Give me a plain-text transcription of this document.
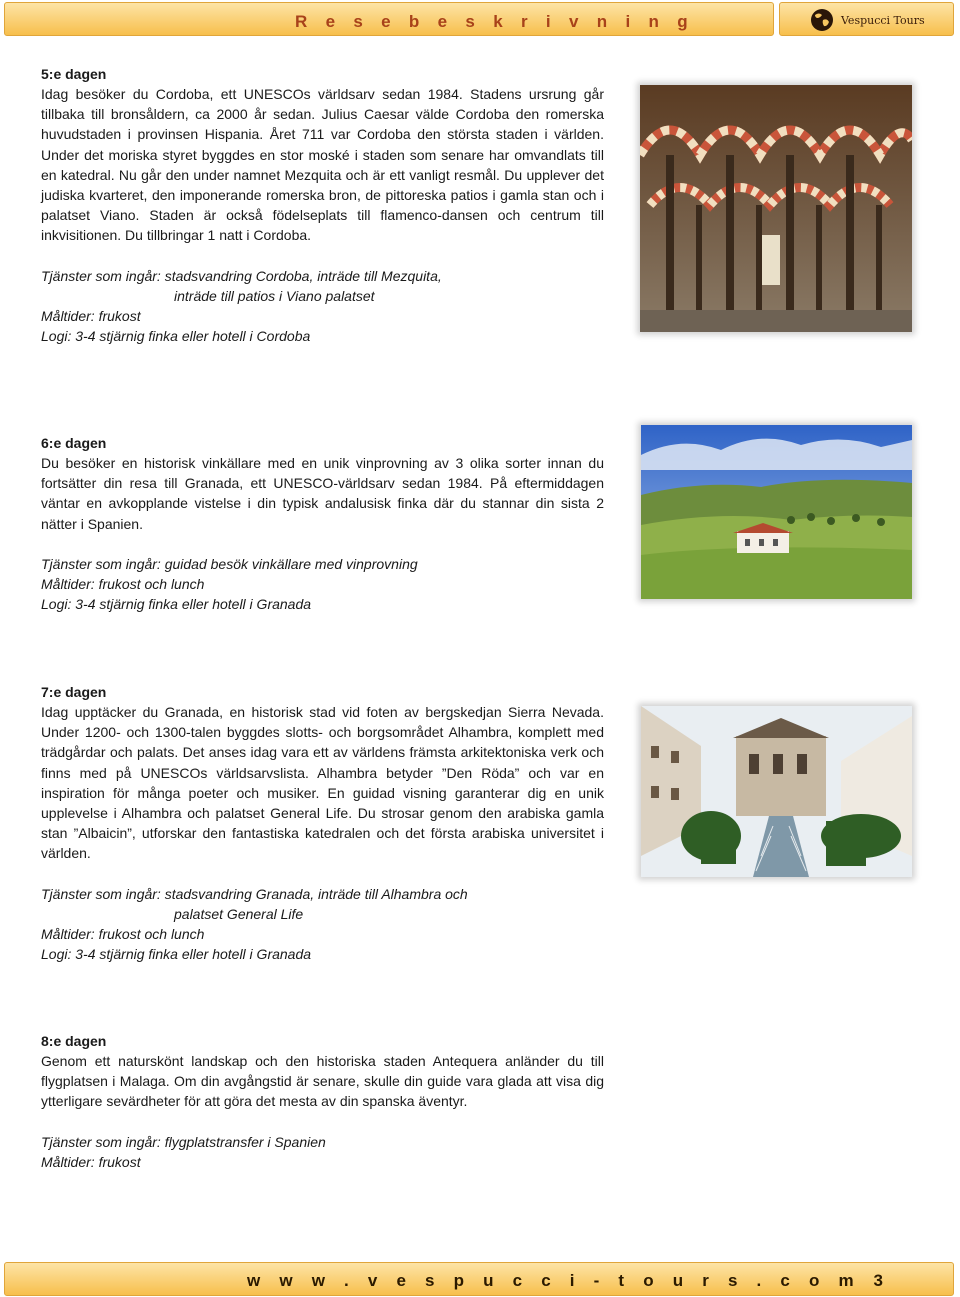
R e s e b e s k r i v n i n g	Vespucci Tours

5:e dagen

Idag besöker du Cordoba, ett UNESCOs världsarv sedan 1984. Stadens ursrung går tillbaka till bronsåldern, ca 2000 år sedan. Julius Caesar välde Cordoba den romerska huvudstaden i provinsen Hispania. Året 711 var Cordoba den största staden i världen. Under det moriska styret byggdes en stor moské i staden som senare har omvandlats till en katedral. Nu går den under namnet Mezquita och är ett vanligt resmål. Du upplever det judiska kvarteret, den imponerande romerska bron, de pittoreska patios i gamla stan och i palatset Viano. Staden är också födelseplats till flamenco-dansen och centrum till inkvisitionen. Du tillbringar 1 natt i Cordoba.

Tjänster som ingår: stadsvandring Cordoba, inträde till Mezquita,
inträde till patios i Viano palatset
Måltider: frukost
Logi: 3-4 stjärnig finka eller hotell i Cordoba

6:e dagen

Du besöker en historisk vinkällare med en unik vinprovning av 3 olika sorter innan du fortsätter din resa till Granada, ett UNESCO-världsarv sedan 1984. På eftermiddagen väntar en avkopplande vistelse i din typisk andalusisk finka där du stannar din sista 2 nätter i Spanien.

Tjänster som ingår: guidad besök vinkällare med vinprovning
Måltider: frukost och lunch
Logi: 3-4 stjärnig finka eller hotell i Granada

7:e dagen

Idag upptäcker du Granada, en historisk stad vid foten av bergskedjan Sierra Nevada. Under 1200- och 1300-talen byggdes slotts- och borgsområdet Alhambra, komplett med trädgårdar och palats. Det anses idag vara ett av världens främsta arkitektoniska verk och finns med på UNESCOs världsarvslista. Alhambra betyder ”Den Röda” och var en inspiration för många poeter och musiker. En guidad visning garanterar dig en unik upplevelse i Alhambra och palatset General Life. Du strosar genom den arabiska gamla stan ”Albaicin”, utforskar den fantastiska katedralen och det första arabiska universitet i världen.

Tjänster som ingår: stadsvandring Granada, inträde till Alhambra och
palatset General Life
Måltider: frukost och lunch
Logi: 3-4 stjärnig finka eller hotell i Granada

8:e dagen

Genom ett naturskönt landskap och den historiska staden Antequera anländer du till flygplatsen i Malaga. Om din avgångstid är senare, skulle din guide vara glada att visa dig ytterligare sevärdheter för att göra det mesta av din spanska äventyr.

Tjänster som ingår: flygplatstransfer i Spanien
Måltider: frukost
w w w . v e s p u c c i - t o u r s . c o m 3
